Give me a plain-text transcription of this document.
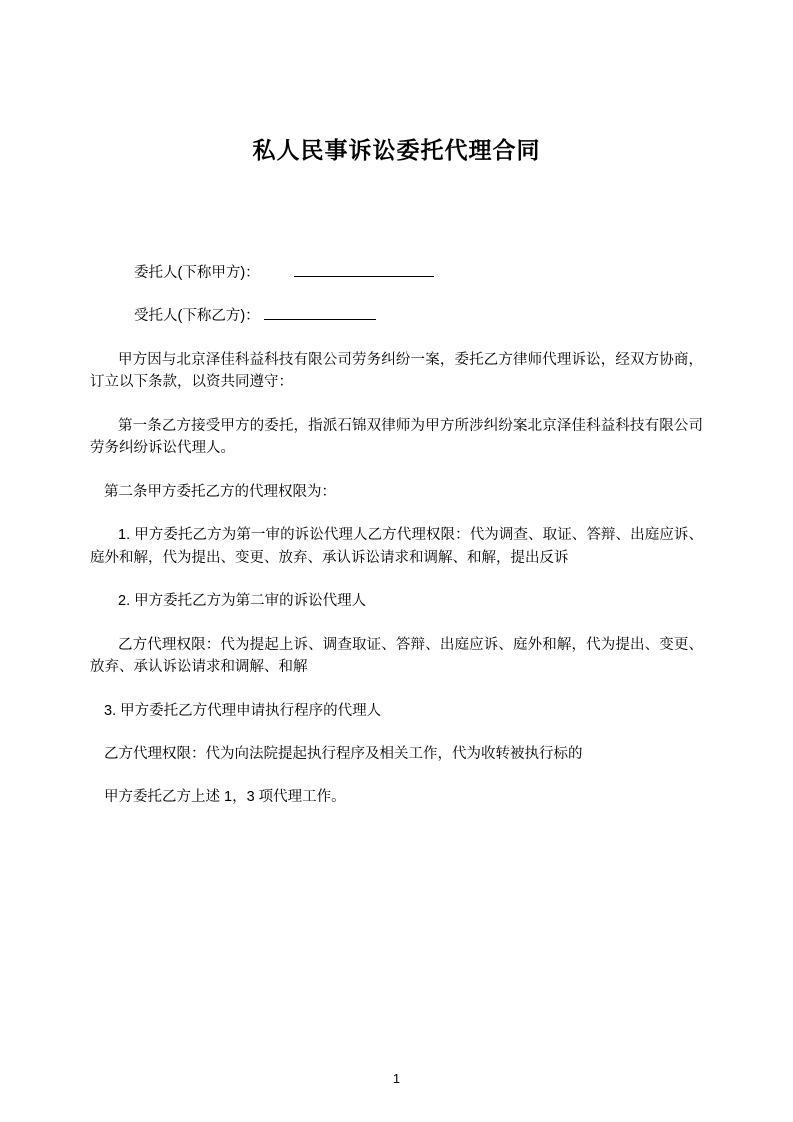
私人民事诉讼委托代理合同

委托人(下称甲方)：

受托人(下称乙方)：

甲方因与北京泽佳科益科技有限公司劳务纠纷一案，委托乙方律师代理诉讼，经双方协商，订立以下条款，以资共同遵守：

第一条乙方接受甲方的委托，指派石锦双律师为甲方所涉纠纷案北京泽佳科益科技有限公司劳务纠纷诉讼代理人。

第二条甲方委托乙方的代理权限为：

1. 甲方委托乙方为第一审的诉讼代理人乙方代理权限：代为调查、取证、答辩、出庭应诉、庭外和解，代为提出、变更、放弃、承认诉讼请求和调解、和解，提出反诉

2. 甲方委托乙方为第二审的诉讼代理人

乙方代理权限：代为提起上诉、调查取证、答辩、出庭应诉、庭外和解，代为提出、变更、放弃、承认诉讼请求和调解、和解

3. 甲方委托乙方代理申请执行程序的代理人

乙方代理权限：代为向法院提起执行程序及相关工作，代为收转被执行标的

甲方委托乙方上述 1，3 项代理工作。

1
